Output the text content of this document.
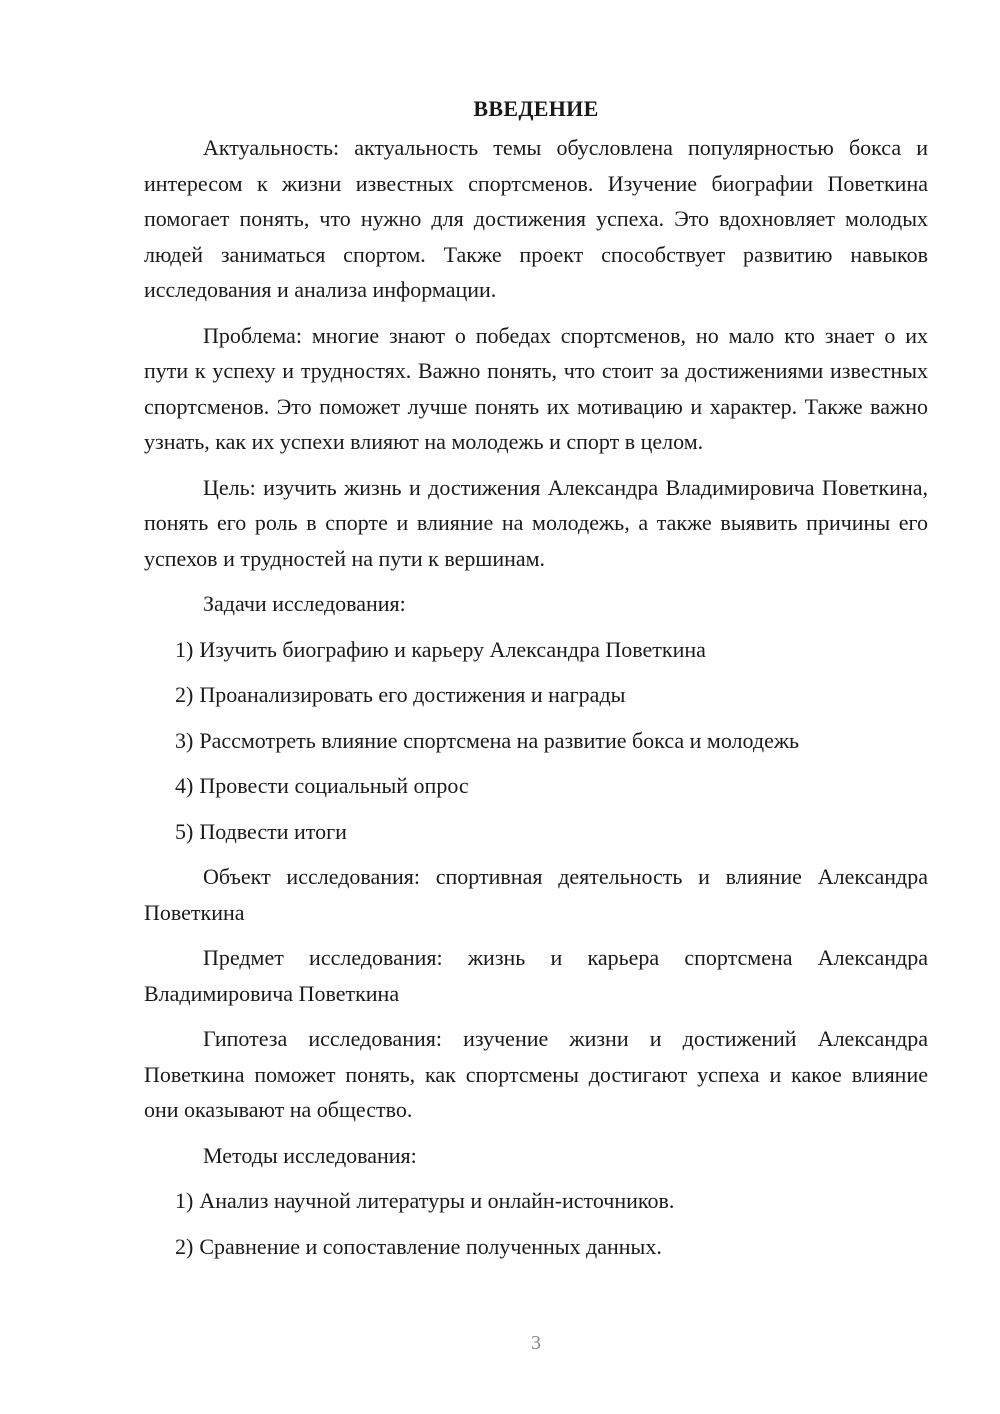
ВВЕДЕНИЕ

Актуальность: актуальность темы обусловлена популярностью бокса и интересом к жизни известных спортсменов. Изучение биографии Поветкина помогает понять, что нужно для достижения успеха. Это вдохновляет молодых людей заниматься спортом. Также проект способствует развитию навыков исследования и анализа информации.

Проблема: многие знают о победах спортсменов, но мало кто знает о их пути к успеху и трудностях. Важно понять, что стоит за достижениями известных спортсменов. Это поможет лучше понять их мотивацию и характер. Также важно узнать, как их успехи влияют на молодежь и спорт в целом.

Цель: изучить жизнь и достижения Александра Владимировича Поветкина, понять его роль в спорте и влияние на молодежь, а также выявить причины его успехов и трудностей на пути к вершинам.

Задачи исследования:

1) Изучить биографию и карьеру Александра Поветкина
2) Проанализировать его достижения и награды
3) Рассмотреть влияние спортсмена на развитие бокса и молодежь
4) Провести социальный опрос
5) Подвести итоги

Объект исследования: спортивная деятельность и влияние Александра Поветкина

Предмет исследования: жизнь и карьера спортсмена Александра Владимировича Поветкина

Гипотеза исследования: изучение жизни и достижений Александра Поветкина поможет понять, как спортсмены достигают успеха и какое влияние они оказывают на общество.

Методы исследования:

1) Анализ научной литературы и онлайн-источников.
2) Сравнение и сопоставление полученных данных.
3
